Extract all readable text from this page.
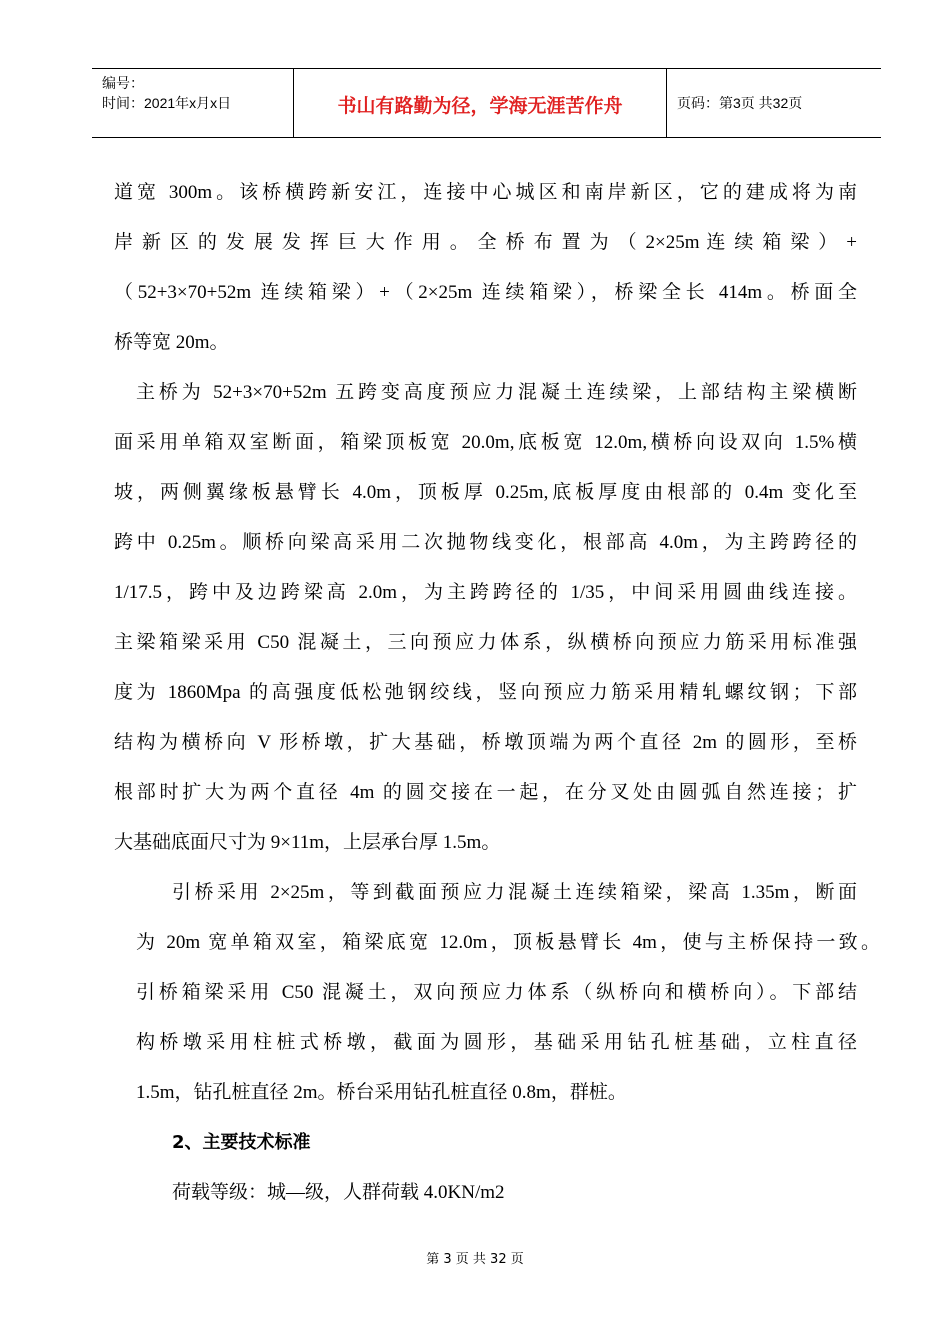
编号：
时间：2021年x月x日	书山有路勤为径，学海无涯苦作舟	页码：第3页 共32页
道宽 300m。该桥横跨新安江，连接中心城区和南岸新区，它的建成将为南
岸 新 区 的 发 展 发 挥 巨 大 作 用 。 全 桥 布 置 为 （ 2×25m 连 续 箱 梁 ） +
（52+3×70+52m 连续箱梁）+（2×25m 连续箱梁），桥梁全长 414m。桥面全
桥等宽 20m。
主桥为 52+3×70+52m 五跨变高度预应力混凝土连续梁，上部结构主梁横断
面采用单箱双室断面，箱梁顶板宽 20.0m,底板宽 12.0m,横桥向设双向 1.5%横
坡，两侧翼缘板悬臂长 4.0m，顶板厚 0.25m,底板厚度由根部的 0.4m 变化至
跨中 0.25m。顺桥向梁高采用二次抛物线变化，根部高 4.0m，为主跨跨径的
1/17.5，跨中及边跨梁高 2.0m，为主跨跨径的 1/35，中间采用圆曲线连接。
主梁箱梁采用 C50 混凝土，三向预应力体系，纵横桥向预应力筋采用标准强
度为 1860Mpa 的高强度低松弛钢绞线，竖向预应力筋采用精轧螺纹钢；下部
结构为横桥向 V 形桥墩，扩大基础，桥墩顶端为两个直径 2m 的圆形，至桥
根部时扩大为两个直径 4m 的圆交接在一起，在分叉处由圆弧自然连接；扩
大基础底面尺寸为 9×11m，上层承台厚 1.5m。
引桥采用 2×25m，等到截面预应力混凝土连续箱梁，梁高 1.35m，断面
为 20m 宽单箱双室，箱梁底宽 12.0m，顶板悬臂长 4m，使与主桥保持一致。
引桥箱梁采用 C50 混凝土，双向预应力体系（纵桥向和横桥向）。下部结
构桥墩采用柱桩式桥墩，截面为圆形，基础采用钻孔桩基础，立柱直径
1.5m，钻孔桩直径 2m。桥台采用钻孔桩直径 0.8m，群桩。
2、主要技术标准
荷载等级：城—级，人群荷载 4.0KN/m2
第 3 页 共 32 页
